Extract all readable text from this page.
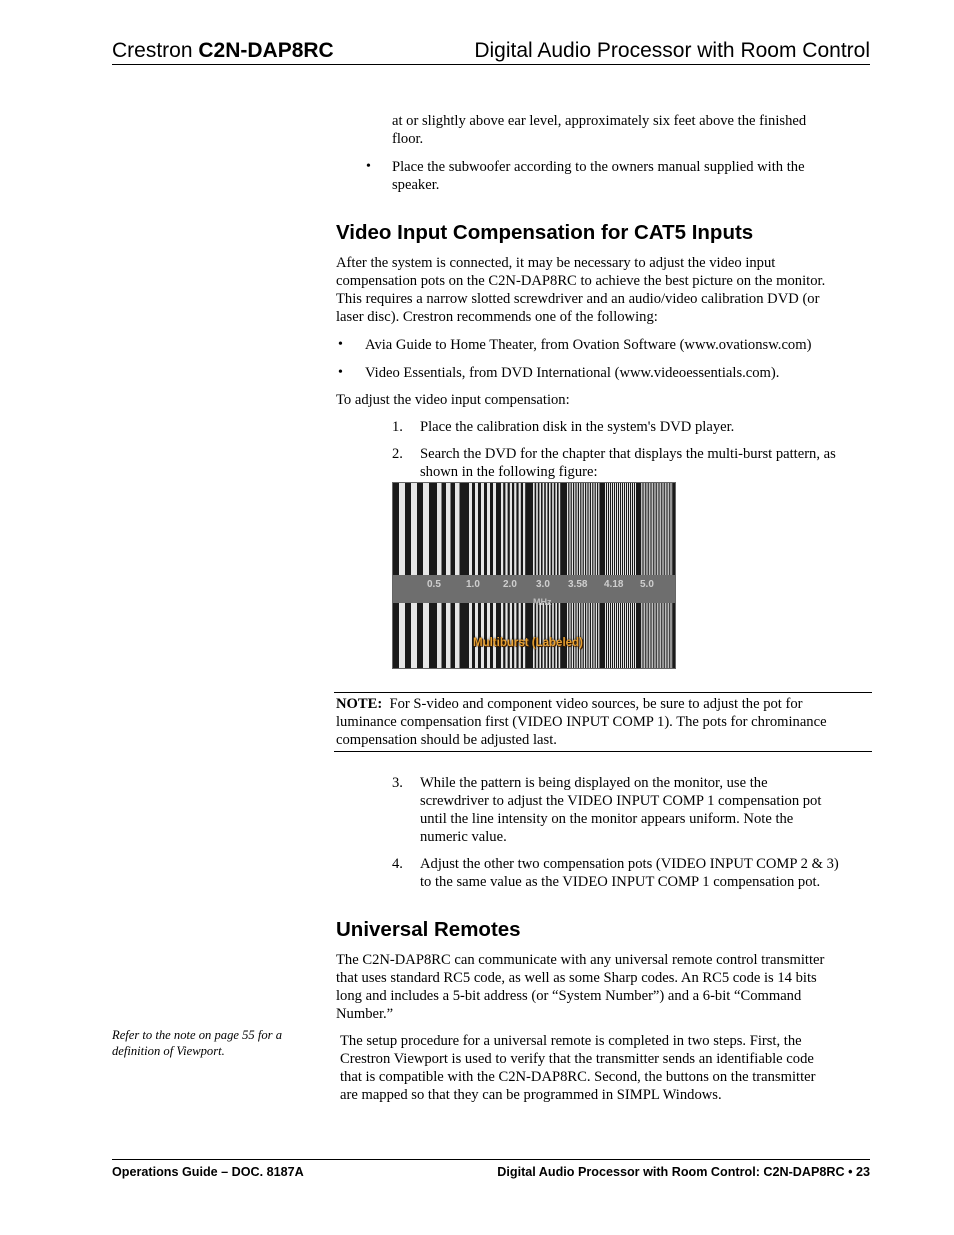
Crestron C2N-DAP8RC	Digital Audio Processor with Room Control
at or slightly above ear level, approximately six feet above the finished
floor.
• Place the subwoofer according to the owners manual supplied with the
speaker.
Video Input Compensation for CAT5 Inputs
After the system is connected, it may be necessary to adjust the video input
compensation pots on the C2N-DAP8RC to achieve the best picture on the monitor.
This requires a narrow slotted screwdriver and an audio/video calibration DVD (or
laser disc). Crestron recommends one of the following:
• Avia Guide to Home Theater, from Ovation Software (www.ovationsw.com)
• Video Essentials, from DVD International (www.videoessentials.com).
To adjust the video input compensation:
1. Place the calibration disk in the system's DVD player.
2. Search the DVD for the chapter that displays the multi-burst pattern, as
shown in the following figure:
0.5	1.0 2.0 3.0 3.58 4.18 5.0
MHz
Multiburst (Labeled)
NOTE: For S-video and component video sources, be sure to adjust the pot for
luminance compensation first (VIDEO INPUT COMP 1). The pots for chrominance
compensation should be adjusted last.
3. While the pattern is being displayed on the monitor, use the
screwdriver to adjust the VIDEO INPUT COMP 1 compensation pot
until the line intensity on the monitor appears uniform. Note the
numeric value.
4. Adjust the other two compensation pots (VIDEO INPUT COMP 2 & 3)
to the same value as the VIDEO INPUT COMP 1 compensation pot.
Universal Remotes
The C2N-DAP8RC can communicate with any universal remote control transmitter
that uses standard RC5 code, as well as some Sharp codes. An RC5 code is 14 bits
long and includes a 5-bit address (or “System Number”) and a 6-bit “Command
Number.”
Refer to the note on page 55 for a
definition of Viewport.
The setup procedure for a universal remote is completed in two steps. First, the
Crestron Viewport is used to verify that the transmitter sends an identifiable code
that is compatible with the C2N-DAP8RC. Second, the buttons on the transmitter
are mapped so that they can be programmed in SIMPL Windows.
Operations Guide – DOC. 8187A	Digital Audio Processor with Room Control: C2N-DAP8RC • 23
